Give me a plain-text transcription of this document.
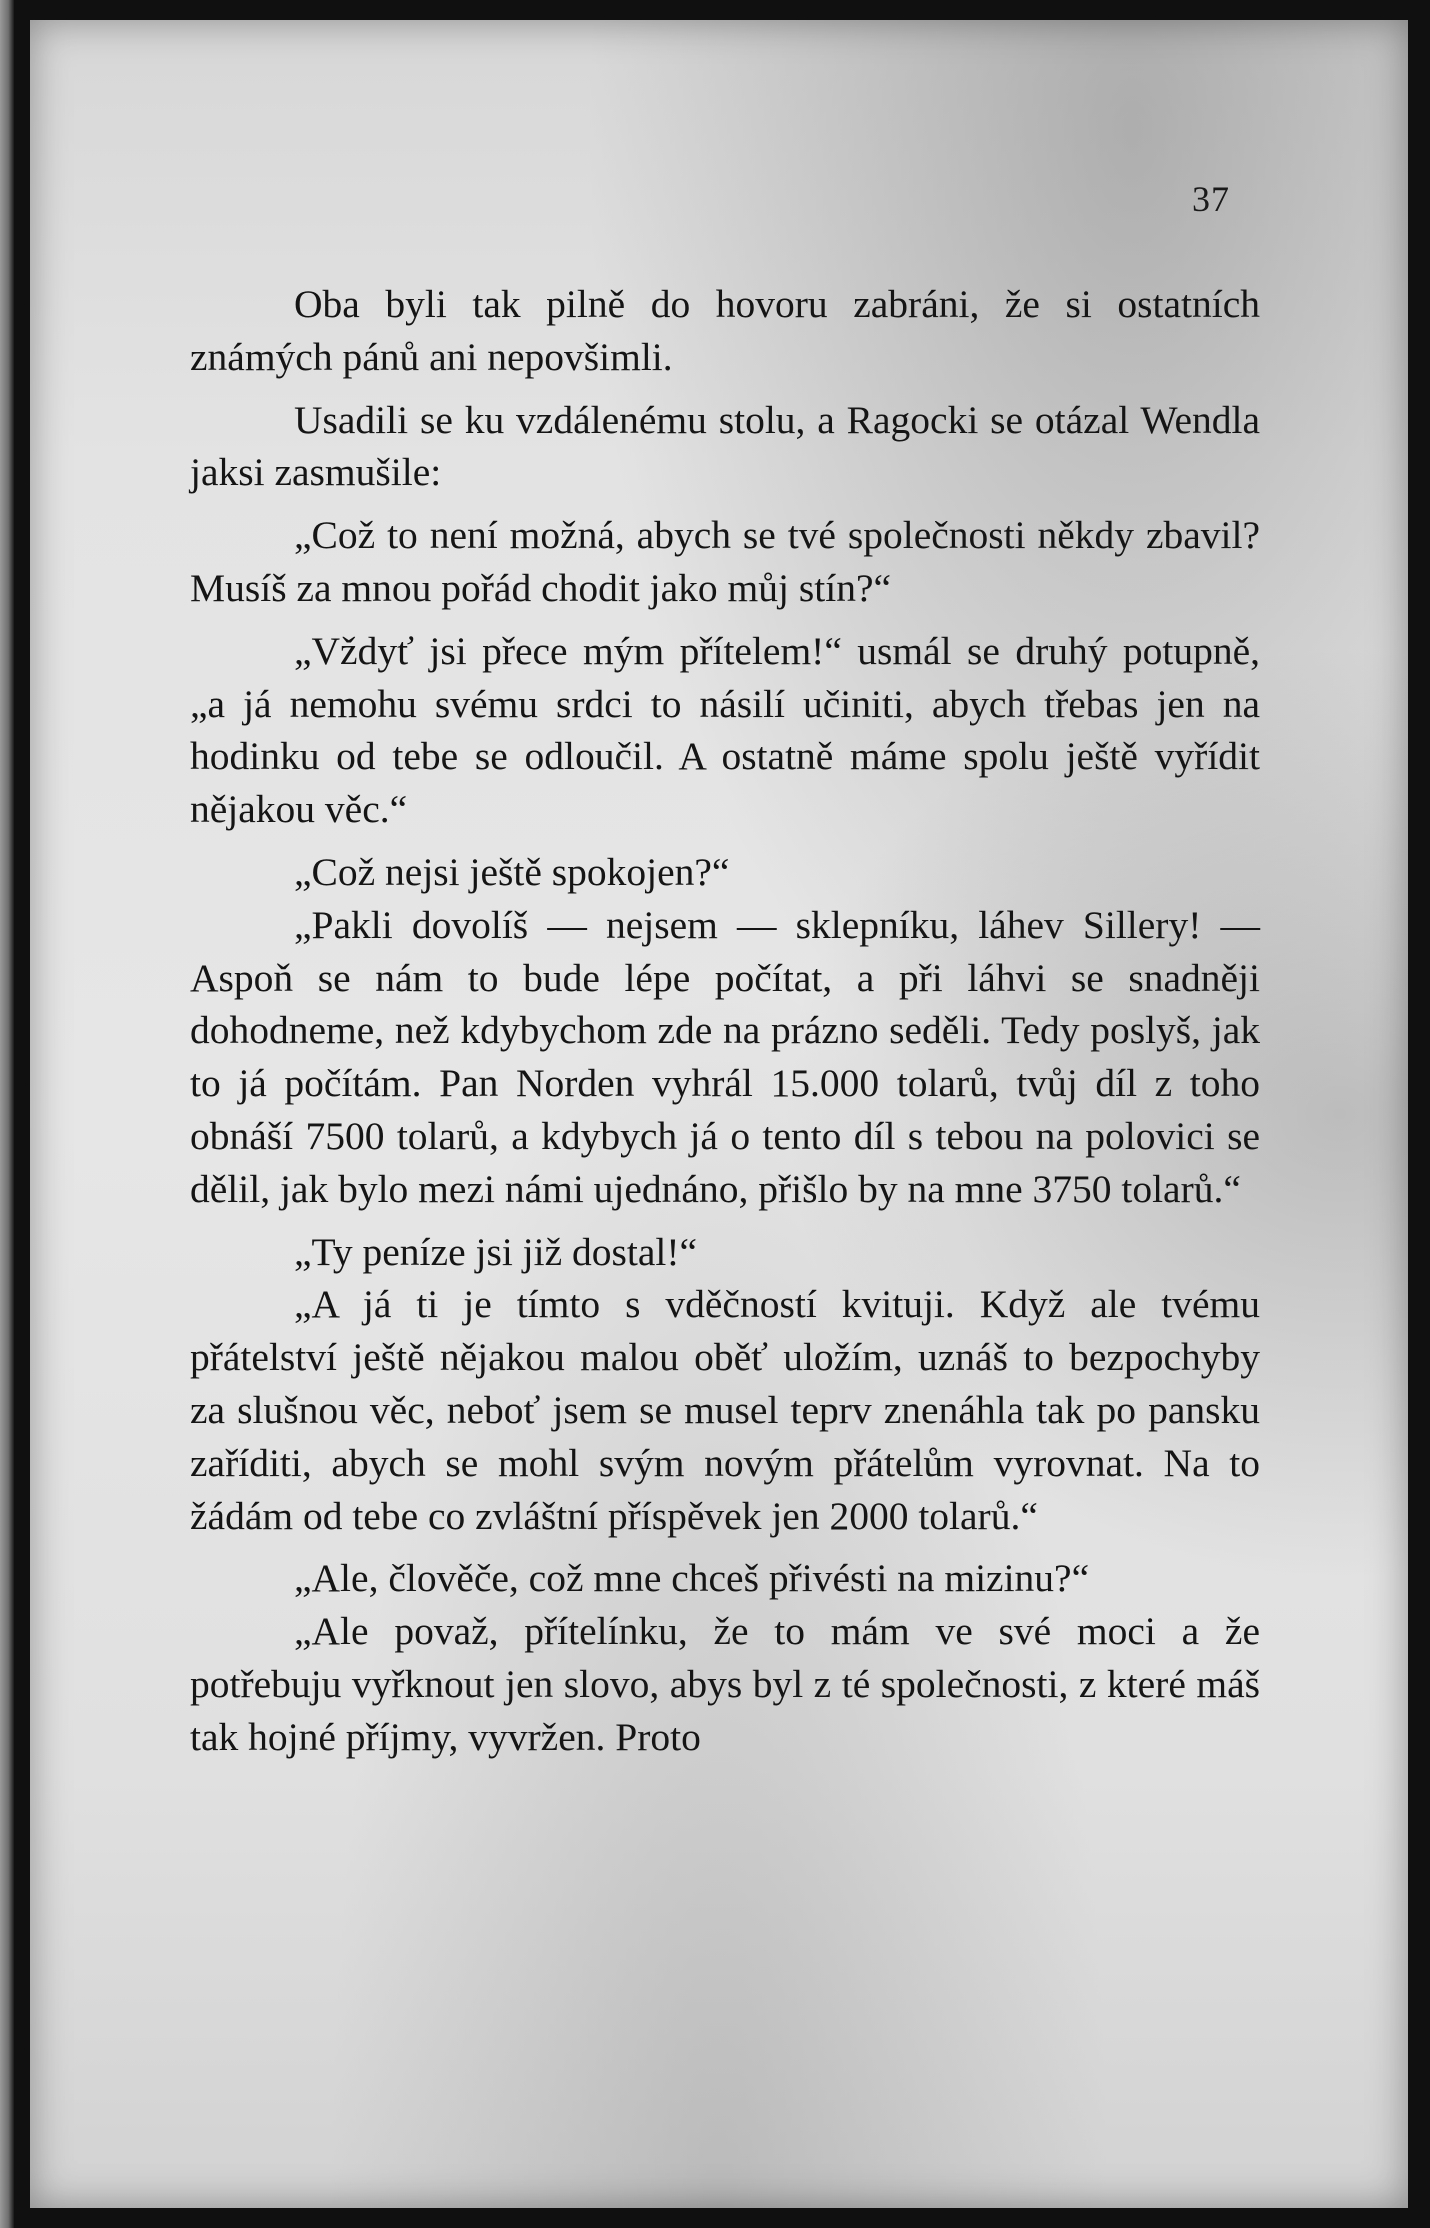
37

Oba byli tak pilně do hovoru zabráni, že si ostatních známých pánů ani nepovšimli.

Usadili se ku vzdálenému stolu, a Ragocki se otázal Wendla jaksi zasmušile:

„Což to není možná, abych se tvé společnosti někdy zbavil? Musíš za mnou pořád chodit jako můj stín?“

„Vždyť jsi přece mým přítelem!“ usmál se druhý potupně, „a já nemohu svému srdci to násilí učiniti, abych třebas jen na hodinku od tebe se odloučil. A ostatně máme spolu ještě vyřídit nějakou věc.“

„Což nejsi ještě spokojen?“

„Pakli dovolíš — nejsem — sklepníku, láhev Sillery! — Aspoň se nám to bude lépe počítat, a při láhvi se snadněji dohodneme, než kdybychom zde na prázno seděli. Tedy poslyš, jak to já počítám. Pan Norden vyhrál 15.000 tolarů, tvůj díl z toho obnáší 7500 tolarů, a kdybych já o tento díl s tebou na polovici se dělil, jak bylo mezi námi ujednáno, přišlo by na mne 3750 tolarů.“

„Ty peníze jsi již dostal!“

„A já ti je tímto s vděčností kvituji. Když ale tvému přátelství ještě nějakou malou oběť uložím, uznáš to bezpochyby za slušnou věc, neboť jsem se musel teprv znenáhla tak po pansku zaříditi, abych se mohl svým novým přátelům vyrovnat. Na to žádám od tebe co zvláštní příspěvek jen 2000 tolarů.“

„Ale, člověče, což mne chceš přivésti na mizinu?“

„Ale považ, přítelínku, že to mám ve své moci a že potřebuju vyřknout jen slovo, abys byl z té společnosti, z které máš tak hojné příjmy, vyvržen. Proto
